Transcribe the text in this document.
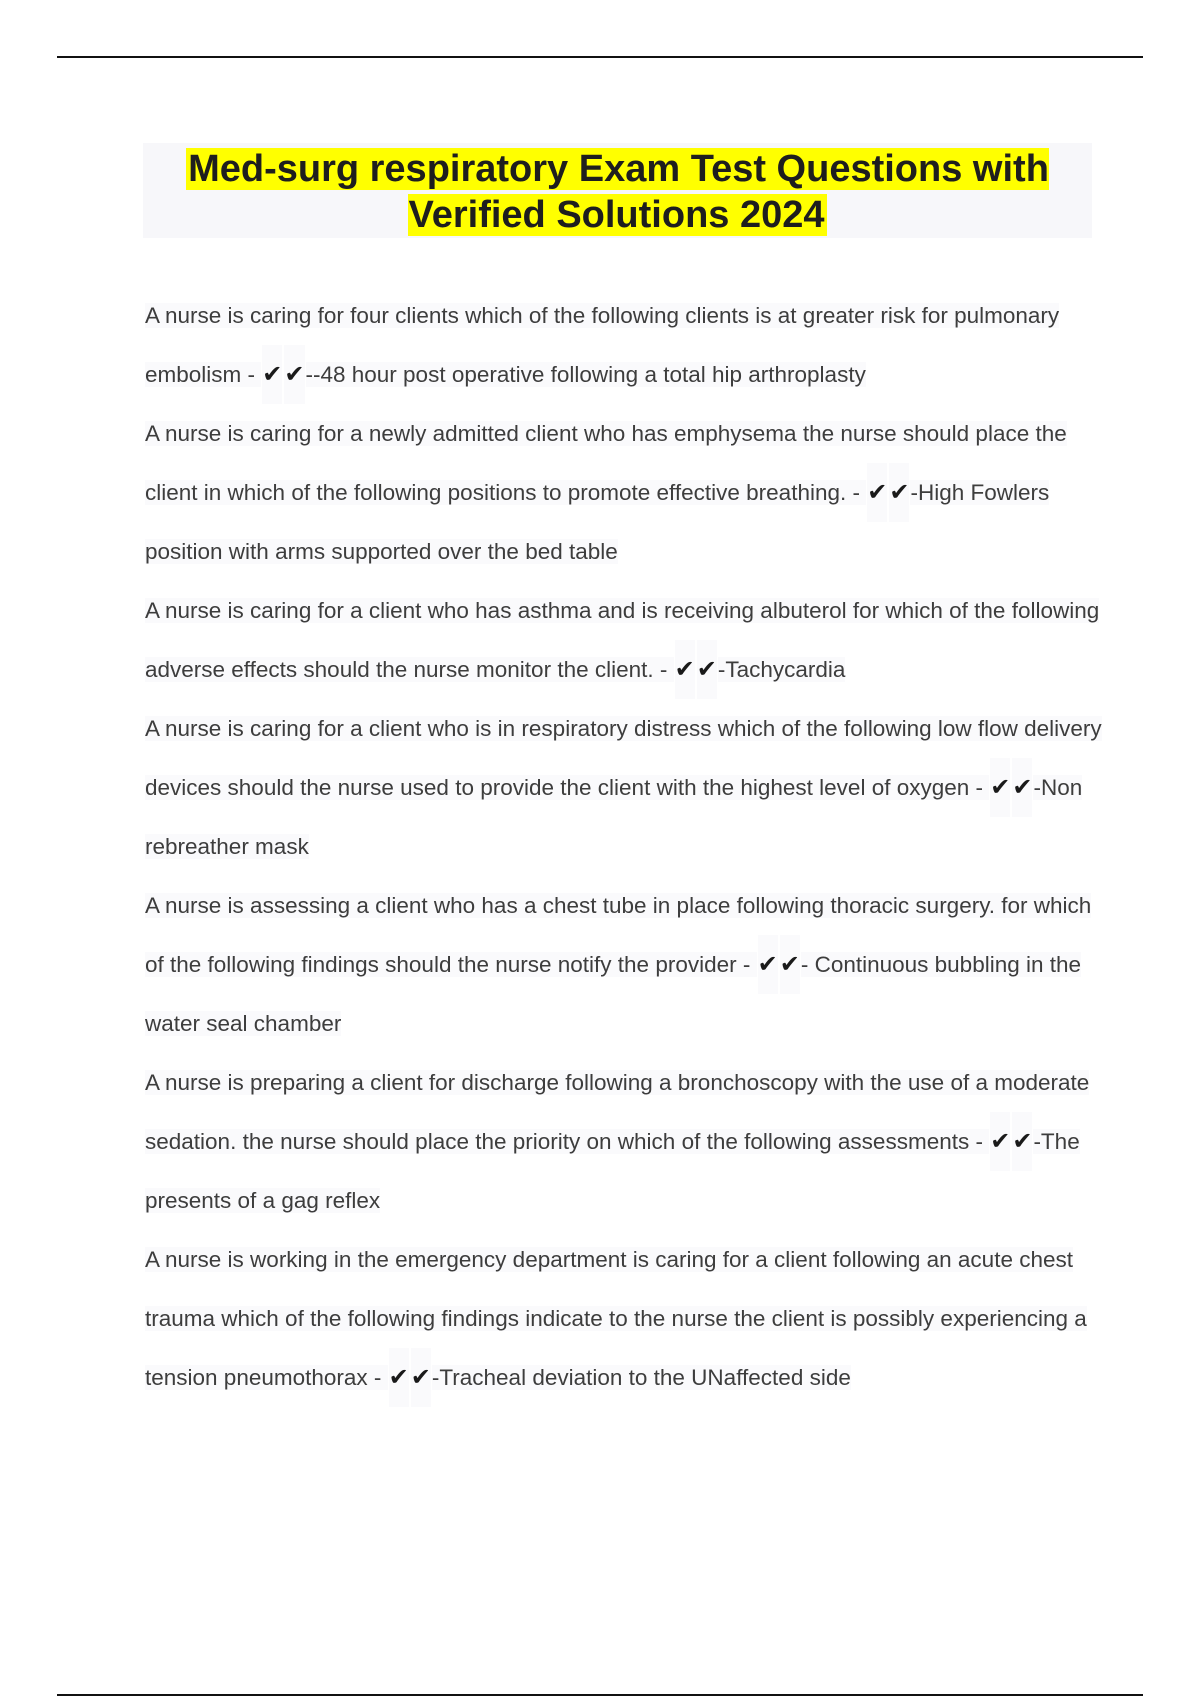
Med-surg respiratory Exam Test Questions with Verified Solutions 2024

A nurse is caring for four clients which of the following clients is at greater risk for pulmonary embolism - ✔✔--48 hour post operative following a total hip arthroplasty

A nurse is caring for a newly admitted client who has emphysema the nurse should place the client in which of the following positions to promote effective breathing. - ✔✔-High Fowlers position with arms supported over the bed table

A nurse is caring for a client who has asthma and is receiving albuterol for which of the following adverse effects should the nurse monitor the client. - ✔✔-Tachycardia

A nurse is caring for a client who is in respiratory distress which of the following low flow delivery devices should the nurse used to provide the client with the highest level of oxygen - ✔✔-Non rebreather mask

A nurse is assessing a client who has a chest tube in place following thoracic surgery. for which of the following findings should the nurse notify the provider - ✔✔- Continuous bubbling in the water seal chamber

A nurse is preparing a client for discharge following a bronchoscopy with the use of a moderate sedation. the nurse should place the priority on which of the following assessments - ✔✔-The presents of a gag reflex

A nurse is working in the emergency department is caring for a client following an acute chest trauma which of the following findings indicate to the nurse the client is possibly experiencing a tension pneumothorax - ✔✔-Tracheal deviation to the UNaffected side
